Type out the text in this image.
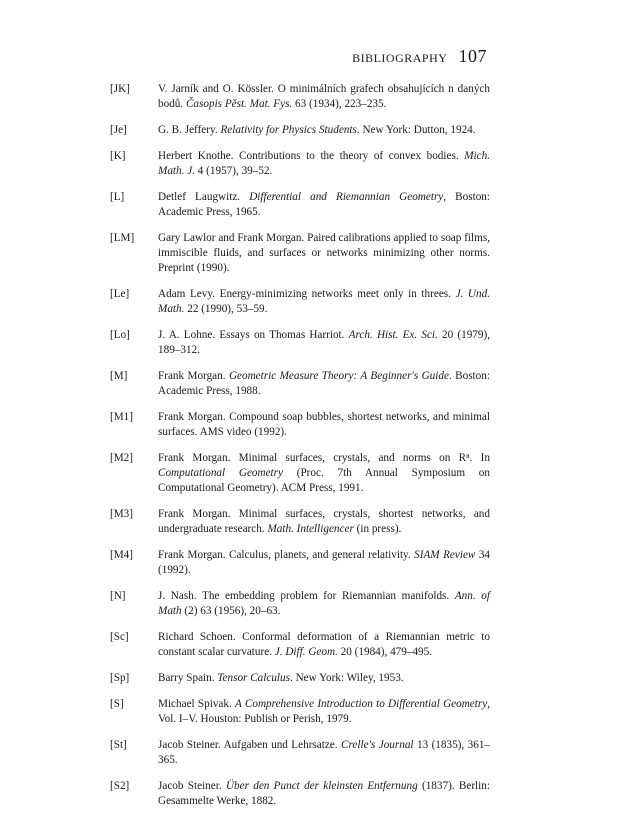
BIBLIOGRAPHY 107
[JK]	V. Jarník and O. Kössler. O minimálních grafech obsahujících n daných bodů. Časopis Pěst. Mat. Fys. 63 (1934), 223–235.
[Je]	G. B. Jeffery. Relativity for Physics Students. New York: Dutton, 1924.
[K]	Herbert Knothe. Contributions to the theory of convex bodies. Mich. Math. J. 4 (1957), 39–52.
[L]	Detlef Laugwitz. Differential and Riemannian Geometry, Boston: Academic Press, 1965.
[LM]	Gary Lawlor and Frank Morgan. Paired calibrations applied to soap films, immiscible fluids, and surfaces or networks minimizing other norms. Preprint (1990).
[Le]	Adam Levy. Energy-minimizing networks meet only in threes. J. Und. Math. 22 (1990), 53–59.
[Lo]	J. A. Lohne. Essays on Thomas Harriot. Arch. Hist. Ex. Sci. 20 (1979), 189–312.
[M]	Frank Morgan. Geometric Measure Theory: A Beginner's Guide. Boston: Academic Press, 1988.
[M1]	Frank Morgan. Compound soap bubbles, shortest networks, and minimal surfaces. AMS video (1992).
[M2]	Frank Morgan. Minimal surfaces, crystals, and norms on Rⁿ. In Computational Geometry (Proc. 7th Annual Symposium on Computational Geometry). ACM Press, 1991.
[M3]	Frank Morgan. Minimal surfaces, crystals, shortest networks, and undergraduate research. Math. Intelligencer (in press).
[M4]	Frank Morgan. Calculus, planets, and general relativity. SIAM Review 34 (1992).
[N]	J. Nash. The embedding problem for Riemannian manifolds. Ann. of Math (2) 63 (1956), 20–63.
[Sc]	Richard Schoen. Conformal deformation of a Riemannian metric to constant scalar curvature. J. Diff. Geom. 20 (1984), 479–495.
[Sp]	Barry Spain. Tensor Calculus. New York: Wiley, 1953.
[S]	Michael Spivak. A Comprehensive Introduction to Differential Geometry, Vol. I–V. Houston: Publish or Perish, 1979.
[St]	Jacob Steiner. Aufgaben und Lehrsatze. Crelle's Journal 13 (1835), 361–365.
[S2]	Jacob Steiner. Über den Punct der kleinsten Entfernung (1837). Berlin: Gesammelte Werke, 1882.
